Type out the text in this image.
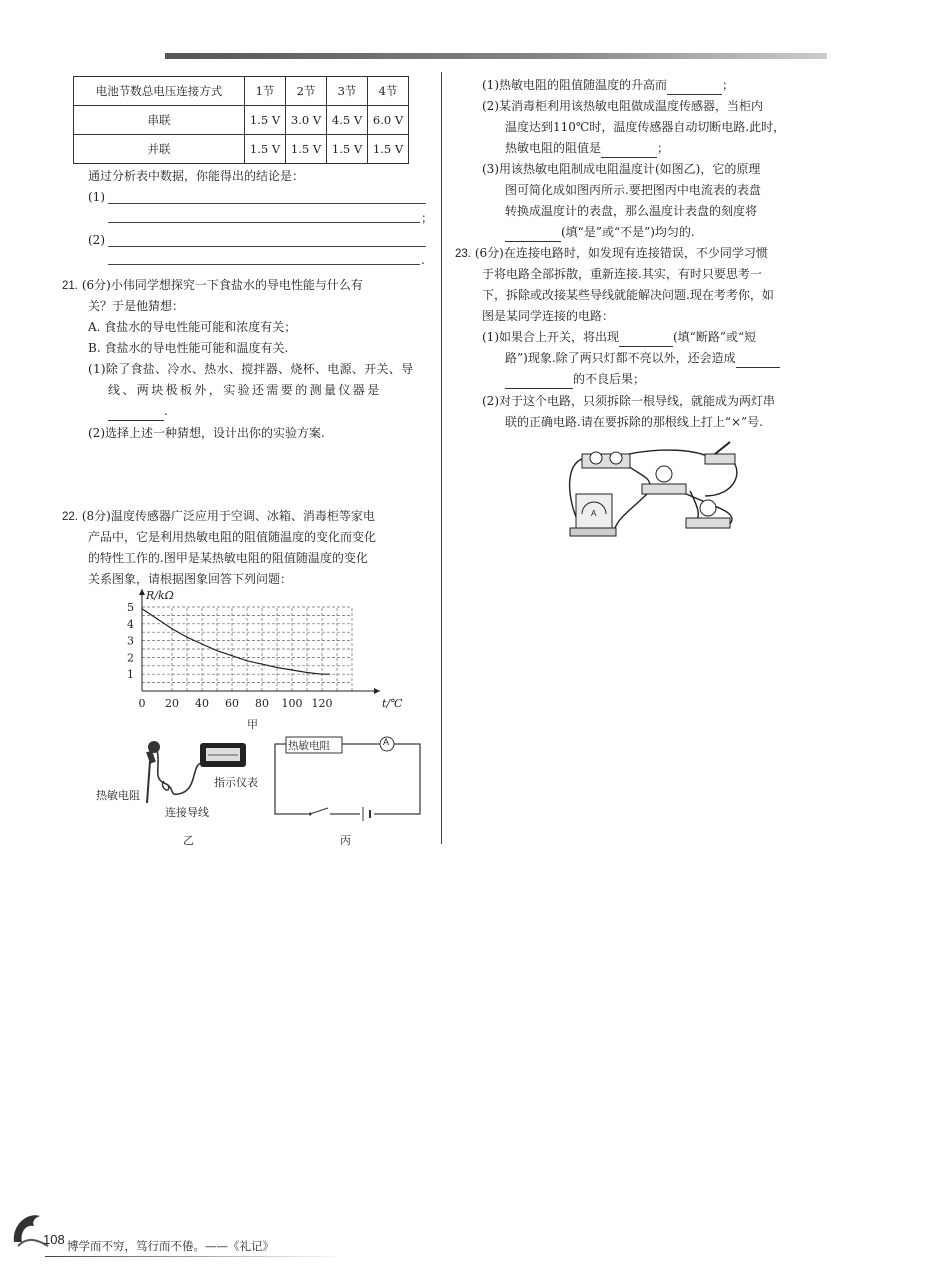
电池节数总电压连接方式	1节	2节	3节	4节
串联	1.5 V	3.0 V	4.5 V	6.0 V
并联	1.5 V	1.5 V	1.5 V	1.5 V
通过分析表中数据，你能得出的结论是：
(1)
；
(2)
.
21. (6分)小伟同学想探究一下食盐水的导电性能与什么有
关？于是他猜想：
A. 食盐水的导电性能可能和浓度有关；
B. 食盐水的导电性能可能和温度有关.
(1)除了食盐、冷水、热水、搅拌器、烧杯、电源、开关、导
线、两块极板外，实验还需要的测量仪器是
.
(2)选择上述一种猜想，设计出你的实验方案.
22. (8分)温度传感器广泛应用于空调、冰箱、消毒柜等家电
产品中，它是利用热敏电阻的阻值随温度的变化而变化
的特性工作的.图甲是某热敏电阻的阻值随温度的变化
关系图象，请根据图象回答下列问题：
0 20 40 60 80 100 120
1
2
3
4
5
R/kΩ
t/℃
甲
热敏电阻
指示仪表
连接导线
乙
热敏电阻	A
丙
(1)热敏电阻的阻值随温度的升高而	；
(2)某消毒柜利用该热敏电阻做成温度传感器，当柜内
温度达到110℃时，温度传感器自动切断电路.此时，
热敏电阻的阻值是	；
(3)用该热敏电阻制成电阻温度计(如图乙)，它的原理
图可简化成如图丙所示.要把图丙中电流表的表盘
转换成温度计的表盘，那么温度计表盘的刻度将
(填“是”或“不是”)均匀的.
23. (6分)在连接电路时，如发现有连接错误，不少同学习惯
于将电路全部拆散，重新连接.其实，有时只要思考一
下，拆除或改接某些导线就能解决问题.现在考考你，如
图是某同学连接的电路：
(1)如果合上开关，将出现	(填“断路”或“短
路”)现象.除了两只灯都不亮以外，还会造成
的不良后果；
(2)对于这个电路，只须拆除一根导线，就能成为两灯串
联的正确电路.请在要拆除的那根线上打上“×”号.
A
108 博学而不穷，笃行而不倦。——《礼记》
